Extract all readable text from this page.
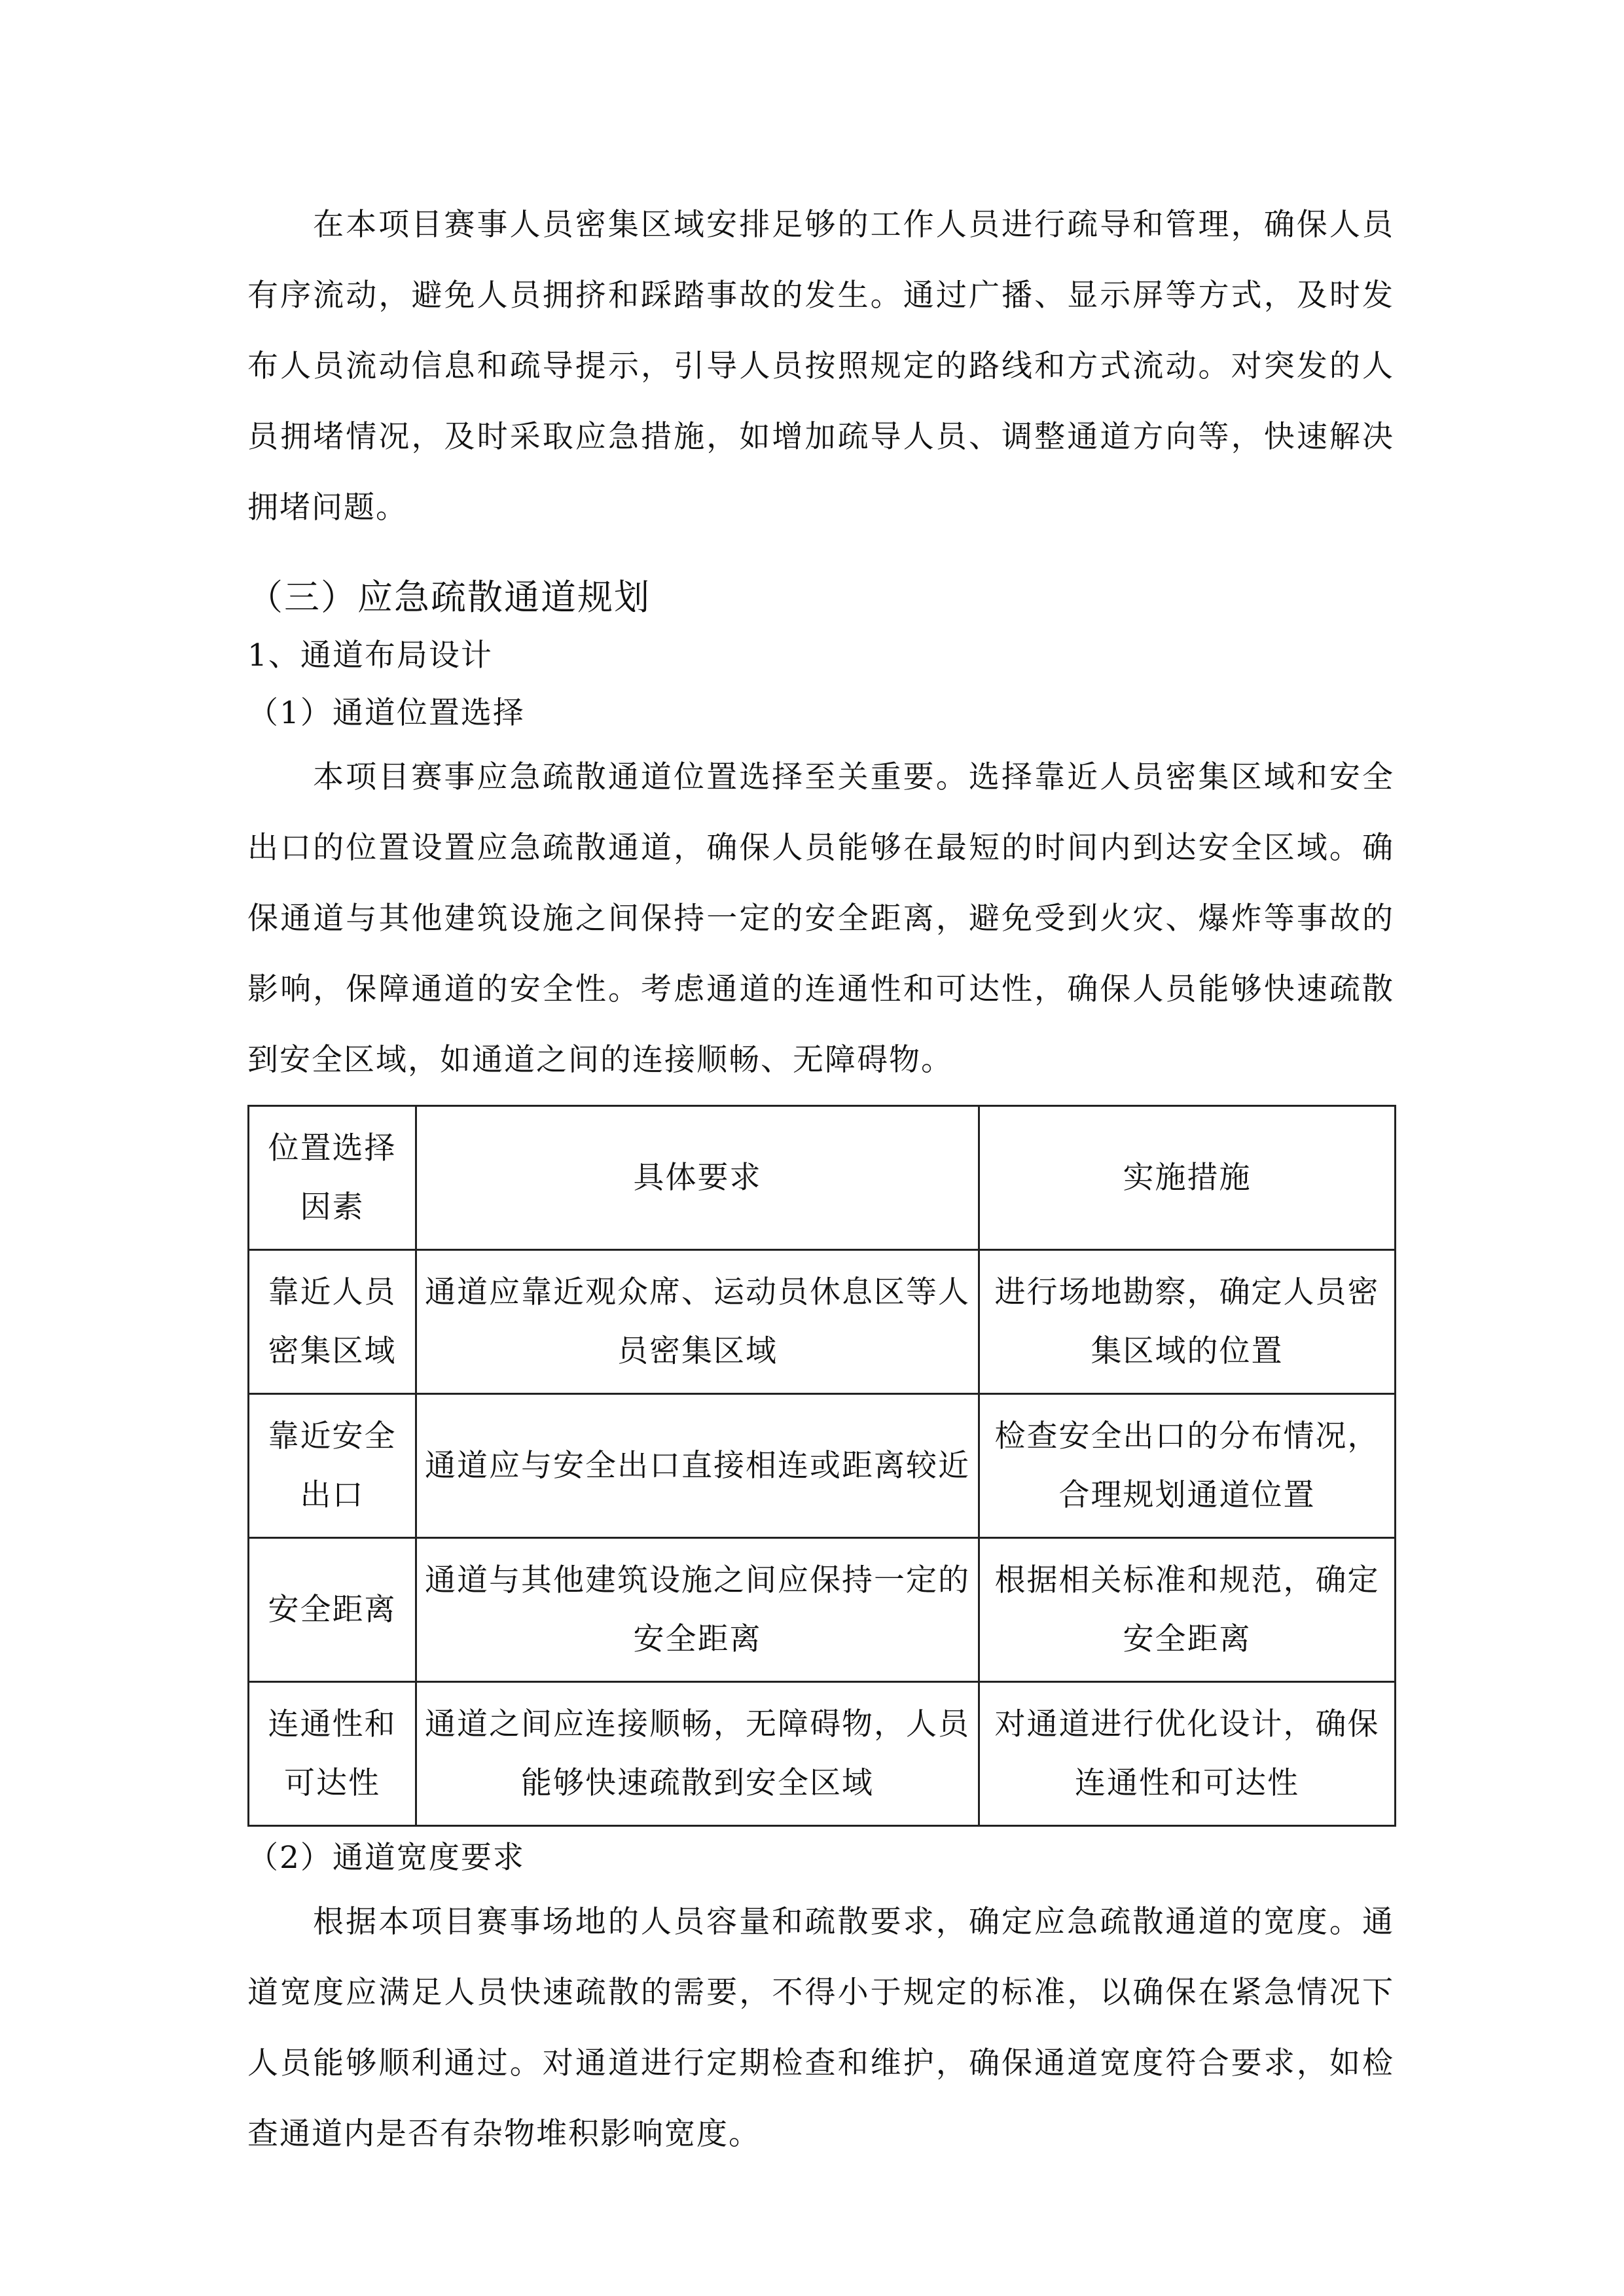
在本项目赛事人员密集区域安排足够的工作人员进行疏导和管理，确保人员有序流动，避免人员拥挤和踩踏事故的发生。通过广播、显示屏等方式，及时发布人员流动信息和疏导提示，引导人员按照规定的路线和方式流动。对突发的人员拥堵情况，及时采取应急措施，如增加疏导人员、调整通道方向等，快速解决拥堵问题。

（三）应急疏散通道规划
1、通道布局设计
（1）通道位置选择

本项目赛事应急疏散通道位置选择至关重要。选择靠近人员密集区域和安全出口的位置设置应急疏散通道，确保人员能够在最短的时间内到达安全区域。确保通道与其他建筑设施之间保持一定的安全距离，避免受到火灾、爆炸等事故的影响，保障通道的安全性。考虑通道的连通性和可达性，确保人员能够快速疏散到安全区域，如通道之间的连接顺畅、无障碍物。

位置选择因素	具体要求	实施措施
靠近人员密集区域	通道应靠近观众席、运动员休息区等人员密集区域	进行场地勘察，确定人员密集区域的位置
靠近安全出口	通道应与安全出口直接相连或距离较近	检查安全出口的分布情况，合理规划通道位置
安全距离	通道与其他建筑设施之间应保持一定的安全距离	根据相关标准和规范，确定安全距离
连通性和可达性	通道之间应连接顺畅，无障碍物，人员能够快速疏散到安全区域	对通道进行优化设计，确保连通性和可达性
（2）通道宽度要求

根据本项目赛事场地的人员容量和疏散要求，确定应急疏散通道的宽度。通道宽度应满足人员快速疏散的需要，不得小于规定的标准，以确保在紧急情况下人员能够顺利通过。对通道进行定期检查和维护，确保通道宽度符合要求，如检查通道内是否有杂物堆积影响宽度。
